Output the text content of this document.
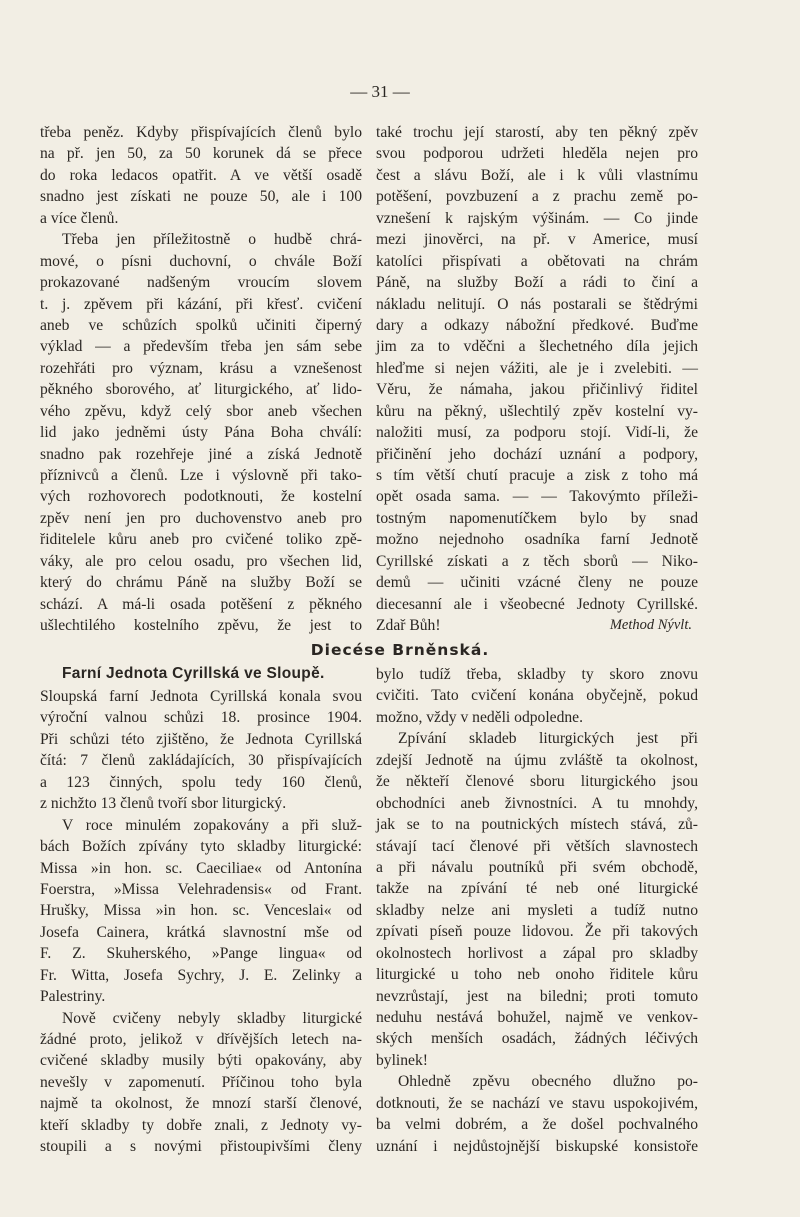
— 31 —
třeba peněz. Kdyby přispívajících členů bylo
na př. jen 50, za 50 korunek dá se přece
do roka ledacos opatřit. A ve větší osadě
snadno jest získati ne pouze 50, ale i 100
a více členů.
Třeba jen příležitostně o hudbě chrá-
mové, o písni duchovní, o chvále Boží
prokazované nadšeným vroucím slovem
t. j. zpěvem při kázání, při křesť. cvičení
aneb ve schůzích spolků učiniti čiperný
výklad — a především třeba jen sám sebe
rozehřáti pro význam, krásu a vznešenost
pěkného sborového, ať liturgického, ať lido-
vého zpěvu, když celý sbor aneb všechen
lid jako jedněmi ústy Pána Boha chválí:
snadno pak rozehřeje jiné a získá Jednotě
příznivců a členů. Lze i výslovně při tako-
vých rozhovorech podotknouti, že kostelní
zpěv není jen pro duchovenstvo aneb pro
řiditelele kůru aneb pro cvičené toliko zpě-
váky, ale pro celou osadu, pro všechen lid,
který do chrámu Páně na služby Boží se
schází. A má-li osada potěšení z pěkného
ušlechtilého kostelního zpěvu, že jest to
také trochu její starostí, aby ten pěkný zpěv
svou podporou udržeti hleděla nejen pro
čest a slávu Boží, ale i k vůli vlastnímu
potěšení, povzbuzení a z prachu země po-
vznešení k rajským výšinám. — Co jinde
mezi jinověrci, na př. v Americe, musí
katolíci přispívati a obětovati na chrám
Páně, na služby Boží a rádi to činí a
nákladu nelitují. O nás postarali se štědrými
dary a odkazy nábožní předkové. Buďme
jim za to vděčni a šlechetného díla jejich
hleďme si nejen vážiti, ale je i zvelebiti. —
Věru, že námaha, jakou přičinlivý řiditel
kůru na pěkný, ušlechtilý zpěv kostelní vy-
naložiti musí, za podporu stojí. Vidí-li, že
přičinění jeho dochází uznání a podpory,
s tím větší chutí pracuje a zisk z toho má
opět osada sama. — — Takovýmto příleži-
tostným napomenutíčkem bylo by snad
možno nejednoho osadníka farní Jednotě
Cyrillské získati a z těch sborů — Niko-
demů — učiniti vzácné členy ne pouze
diecesanní ale i všeobecné Jednoty Cyrillské.
Zdař Bůh!	Method Nývlt.
Diecése Brněnská.
Farní Jednota Cyrillská ve Sloupě.
Sloupská farní Jednota Cyrillská konala svou
výroční valnou schůzi 18. prosince 1904.
Při schůzi této zjištěno, že Jednota Cyrillská
čítá: 7 členů zakládajících, 30 přispívajících
a 123 činných, spolu tedy 160 členů,
z nichžto 13 členů tvoří sbor liturgický.
V roce minulém zopakovány a při služ-
bách Božích zpívány tyto skladby liturgické:
Missa »in hon. sc. Caeciliae« od Antonína
Foerstra, »Missa Velehradensis« od Frant.
Hrušky, Missa »in hon. sc. Venceslai« od
Josefa Cainera, krátká slavnostní mše od
F. Z. Skuherského, »Pange lingua« od
Fr. Witta, Josefa Sychry, J. E. Zelinky a
Palestriny.
Nově cvičeny nebyly skladby liturgické
žádné proto, jelikož v dřívějších letech na-
cvičené skladby musily býti opakovány, aby
nevešly v zapomenutí. Příčinou toho byla
najmě ta okolnost, že mnozí starší členové,
kteří skladby ty dobře znali, z Jednoty vy-
stoupili a s novými přistoupivšími členy
bylo tudíž třeba, skladby ty skoro znovu
cvičiti. Tato cvičení konána obyčejně, pokud
možno, vždy v neděli odpoledne.
Zpívání skladeb liturgických jest při
zdejší Jednotě na újmu zvláště ta okolnost,
že někteří členové sboru liturgického jsou
obchodníci aneb živnostníci. A tu mnohdy,
jak se to na poutnických místech stává, zů-
stávají tací členové při větších slavnostech
a při návalu poutníků při svém obchodě,
takže na zpívání té neb oné liturgické
skladby nelze ani mysleti a tudíž nutno
zpívati píseň pouze lidovou. Že při takových
okolnostech horlivost a zápal pro skladby
liturgické u toho neb onoho řiditele kůru
nevzrůstají, jest na biledni; proti tomuto
neduhu nestává bohužel, najmě ve venkov-
ských menších osadách, žádných léčivých
bylinek!
Ohledně zpěvu obecného dlužno po-
dotknouti, že se nachází ve stavu uspokojivém,
ba velmi dobrém, a že došel pochvalného
uznání i nejdůstojnější biskupské konsistoře
